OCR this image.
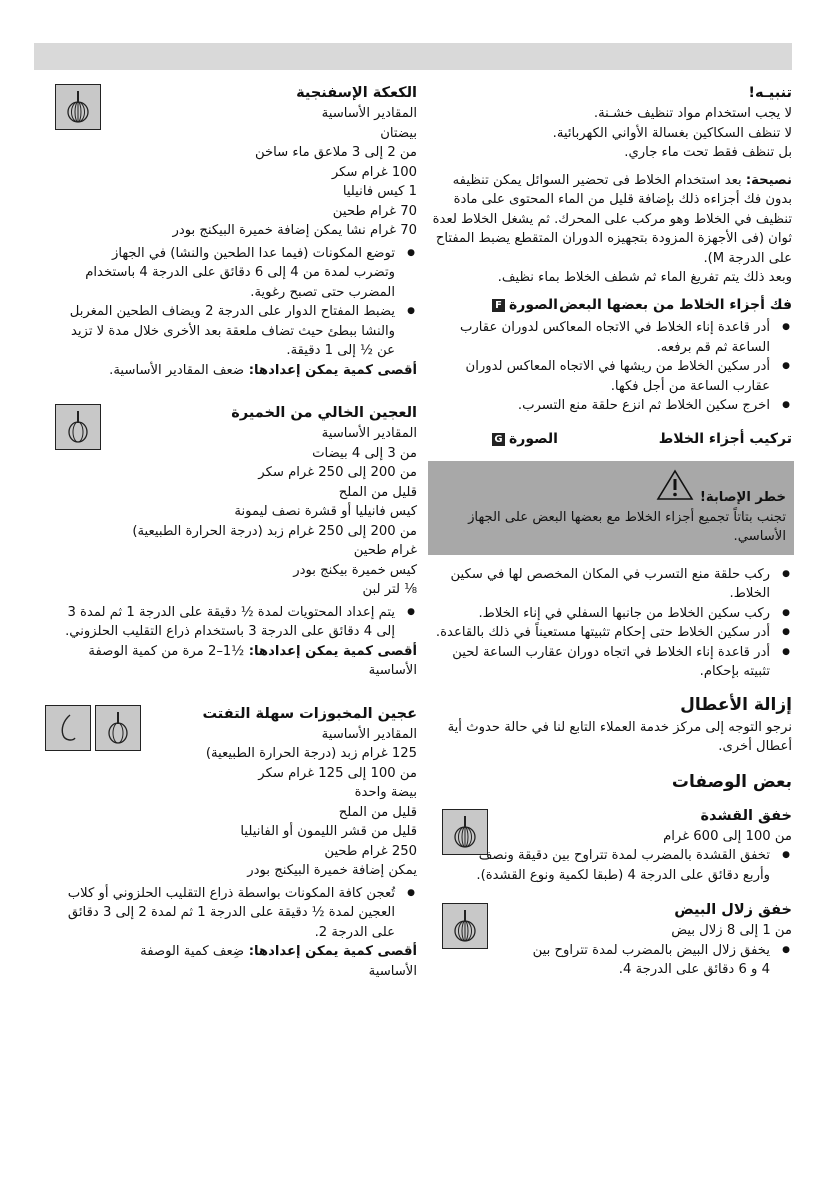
تنبيـه!
لا يجب استخدام مواد تنظيف خشـنة.
لا تنظف السكاكين بغسالة الأواني الكهربائية.
بل تنظف فقط تحت ماء جاري.

نصيحة: بعد استخدام الخلاط فى تحضير السوائل يمكن تنظيفه بدون فك أجزاءه ذلك بإضافة قليل من الماء المحتوى على مادة تنظيف في الخلاط وهو مركب على المحرك. ثم يشغل الخلاط لعدة ثوان (فى الأجهزة المزودة بتجهيزه الدوران المتقطع يضبط المفتاح على الدرجة M).

وبعد ذلك يتم تفريغ الماء ثم شطف الخلاط بماء نظيف.
فك أجزاء الخلاط من بعضها البعض
الصورة
F
● أدر قاعدة إناء الخلاط في الاتجاه المعاكس لدوران عقارب الساعة ثم قم برفعه.
● أدر سكين الخلاط من ريشها في الاتجاه المعاكس لدوران عقارب الساعة من أجل فكها.
● اخرج سكين الخلاط ثم انزع حلقة منع التسرب.
تركيب أجزاء الخلاط
الصورة
G
خطر الإصابة!
تجنب بتاتاً تجميع أجزاء الخلاط مع بعضها البعض على الجهاز الأساسي.
● ركب حلقة منع التسرب في المكان المخصص لها في سكين الخلاط.
● ركب سكين الخلاط من جانبها السفلي في إناء الخلاط.
● أدر سكين الخلاط حتى إحكام تثبيتها مستعيناً في ذلك بالقاعدة.
● أدر قاعدة إناء الخلاط في اتجاه دوران عقارب الساعة لحين تثبيته بإحكام.
إزالة الأعطال
نرجو التوجه إلى مركز خدمة العملاء التابع لنا في حالة حدوث أية أعطال أخرى.
بعض الوصفات
خفق القشدة
من 100 إلى 600 غرام
● تخفق القشدة بالمضرب لمدة تتراوح بين دقيقة ونصف وأربع دقائق على الدرجة 4 (طبقا لكمية ونوع القشدة).
خفق زلال البيض
من 1 إلى 8 زلال بيض
● يخفق زلال البيض بالمضرب لمدة تتراوح بين 4 و 6 دقائق على الدرجة 4.
الكعكة الإسفنجية
المقادير الأساسية
بيضتان
من 2 إلى 3 ملاعق ماء ساخن
100 غرام سكر
1 كيس فانيليا
70 غرام طحين
70 غرام نشا يمكن إضافة خميرة البيكنج بودر
● توضع المكونات (فيما عدا الطحين والنشا) في الجهاز وتضرب لمدة من 4 إلى 6 دقائق على الدرجة 4 باستخدام المضرب حتى تصبح رغوية.
● يضبط المفتاح الدوار على الدرجة 2 ويضاف الطحين المغربل والنشا ببطئ حيث تضاف ملعقة بعد الأخرى خلال مدة لا تزيد عن ½ إلى 1 دقيقة.
أقصى كمية يمكن إعدادها: ضعف المقادير الأساسية.
العجين الخالي من الخميرة
المقادير الأساسية
من 3 إلى 4 بيضات
من 200 إلى 250 غرام سكر
قليل من الملح
كيس فانيليا أو قشرة نصف ليمونة
من 200 إلى 250 غرام زبد (درجة الحرارة الطبيعية)
غرام طحين
كيس خميرة بيكنج بودر
⅛ لتر لبن
● يتم إعداد المحتويات لمدة ½ دقيقة على الدرجة 1 ثم لمدة 3 إلى 4 دقائق على الدرجة 3 باستخدام ذراع التقليب الحلزوني.
أقصى كمية يمكن إعدادها: ½1–2 مرة من كمية الوصفة الأساسية
عجين المخبوزات سهلة التفتت
المقادير الأساسية
125 غرام زبد (درجة الحرارة الطبيعية)
من 100 إلى 125 غرام سكر
بيضة واحدة
قليل من الملح
قليل من قشر الليمون أو الفانيليا
250 غرام طحين
يمكن إضافة خميرة البيكنج بودر
● تُعجن كافة المكونات بواسطة ذراع التقليب الحلزوني أو كلاب العجين لمدة ½ دقيقة على الدرجة 1 ثم لمدة 2 إلى 3 دقائق على الدرجة 2.
أقصى كمية يمكن إعدادها: ضِعف كمية الوصفة الأساسية
